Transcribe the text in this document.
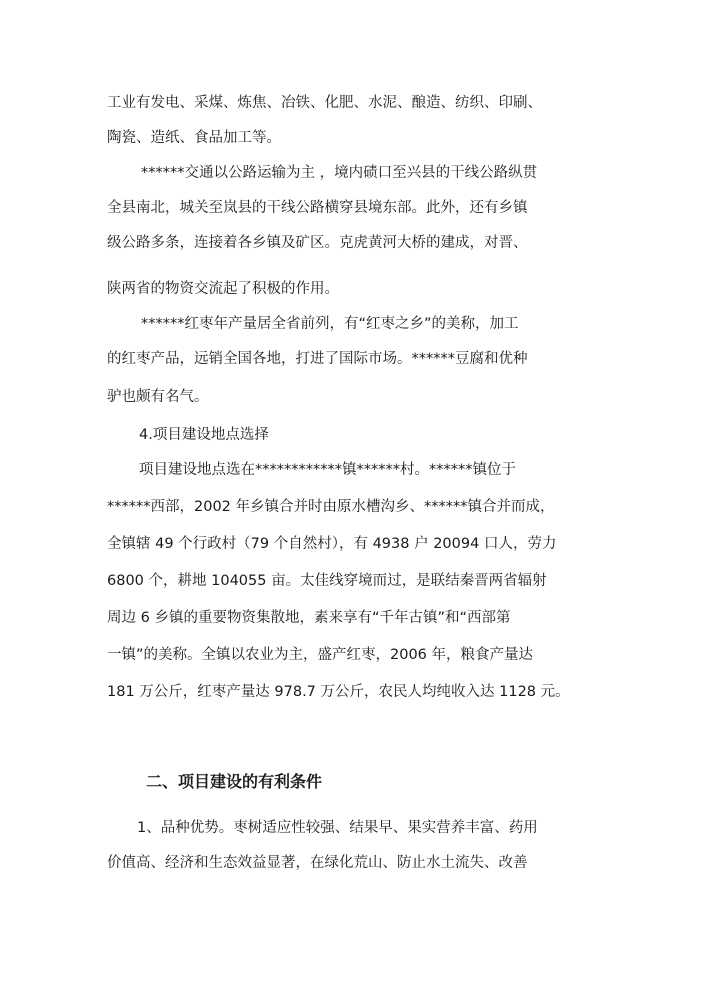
工业有发电、采煤、炼焦、冶铁、化肥、水泥、酿造、纺织、印刷、
陶瓷、造纸、食品加工等。
******交通以公路运输为主 ，境内碛口至兴县的干线公路纵贯
全县南北，城关至岚县的干线公路横穿县境东部。此外，还有乡镇
级公路多条，连接着各乡镇及矿区。克虎黄河大桥的建成，对晋、
陕两省的物资交流起了积极的作用。
******红枣年产量居全省前列，有“红枣之乡”的美称，加工
的红枣产品，远销全国各地，打进了国际市场。******豆腐和优种
驴也颇有名气。
4.项目建设地点选择
项目建设地点选在************镇******村。******镇位于
******西部，2002 年乡镇合并时由原水槽沟乡、******镇合并而成，
全镇辖 49 个行政村（79 个自然村），有 4938 户 20094 口人，劳力
6800 个，耕地 104055 亩。太佳线穿境而过，是联结秦晋两省辐射
周边 6 乡镇的重要物资集散地，素来享有“千年古镇”和“西部第
一镇”的美称。全镇以农业为主，盛产红枣，2006 年，粮食产量达
181 万公斤，红枣产量达 978.7 万公斤，农民人均纯收入达 1128 元。
二、项目建设的有利条件
1、品种优势。枣树适应性较强、结果早、果实营养丰富、药用
价值高、经济和生态效益显著，在绿化荒山、防止水土流失、改善
